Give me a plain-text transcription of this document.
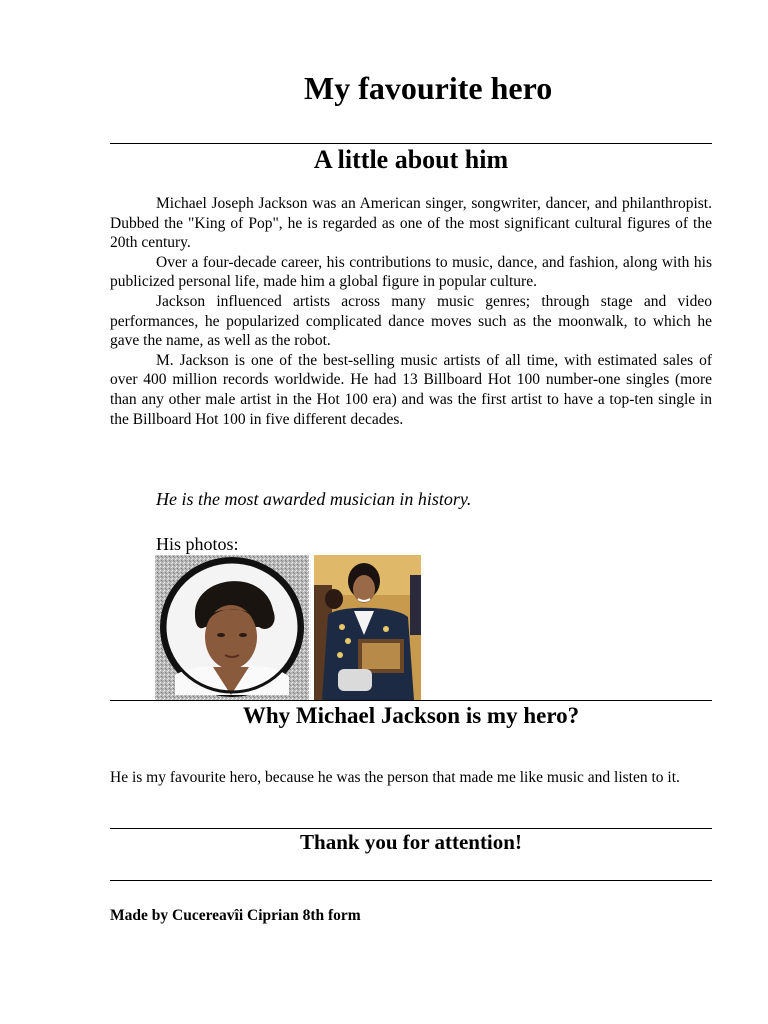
My favourite hero
A little about him

Michael Joseph Jackson was an American singer, songwriter, dancer, and philanthropist. Dubbed the "King of Pop", he is regarded as one of the most significant cultural figures of the 20th century.

Over a four-decade career, his contributions to music, dance, and fashion, along with his publicized personal life, made him a global figure in popular culture.

Jackson influenced artists across many music genres; through stage and video performances, he popularized complicated dance moves such as the moonwalk, to which he gave the name, as well as the robot.

M. Jackson is one of the best-selling music artists of all time, with estimated sales of over 400 million records worldwide. He had 13 Billboard Hot 100 number-one singles (more than any other male artist in the Hot 100 era) and was the first artist to have a top-ten single in the Billboard Hot 100 in five different decades.

He is the most awarded musician in history.

His photos:

Why Michael Jackson is my hero?

He is my favourite hero, because he was the person that made me like music and listen to it.

Thank you for attention!

Made by Cucereavîi Ciprian 8th form
